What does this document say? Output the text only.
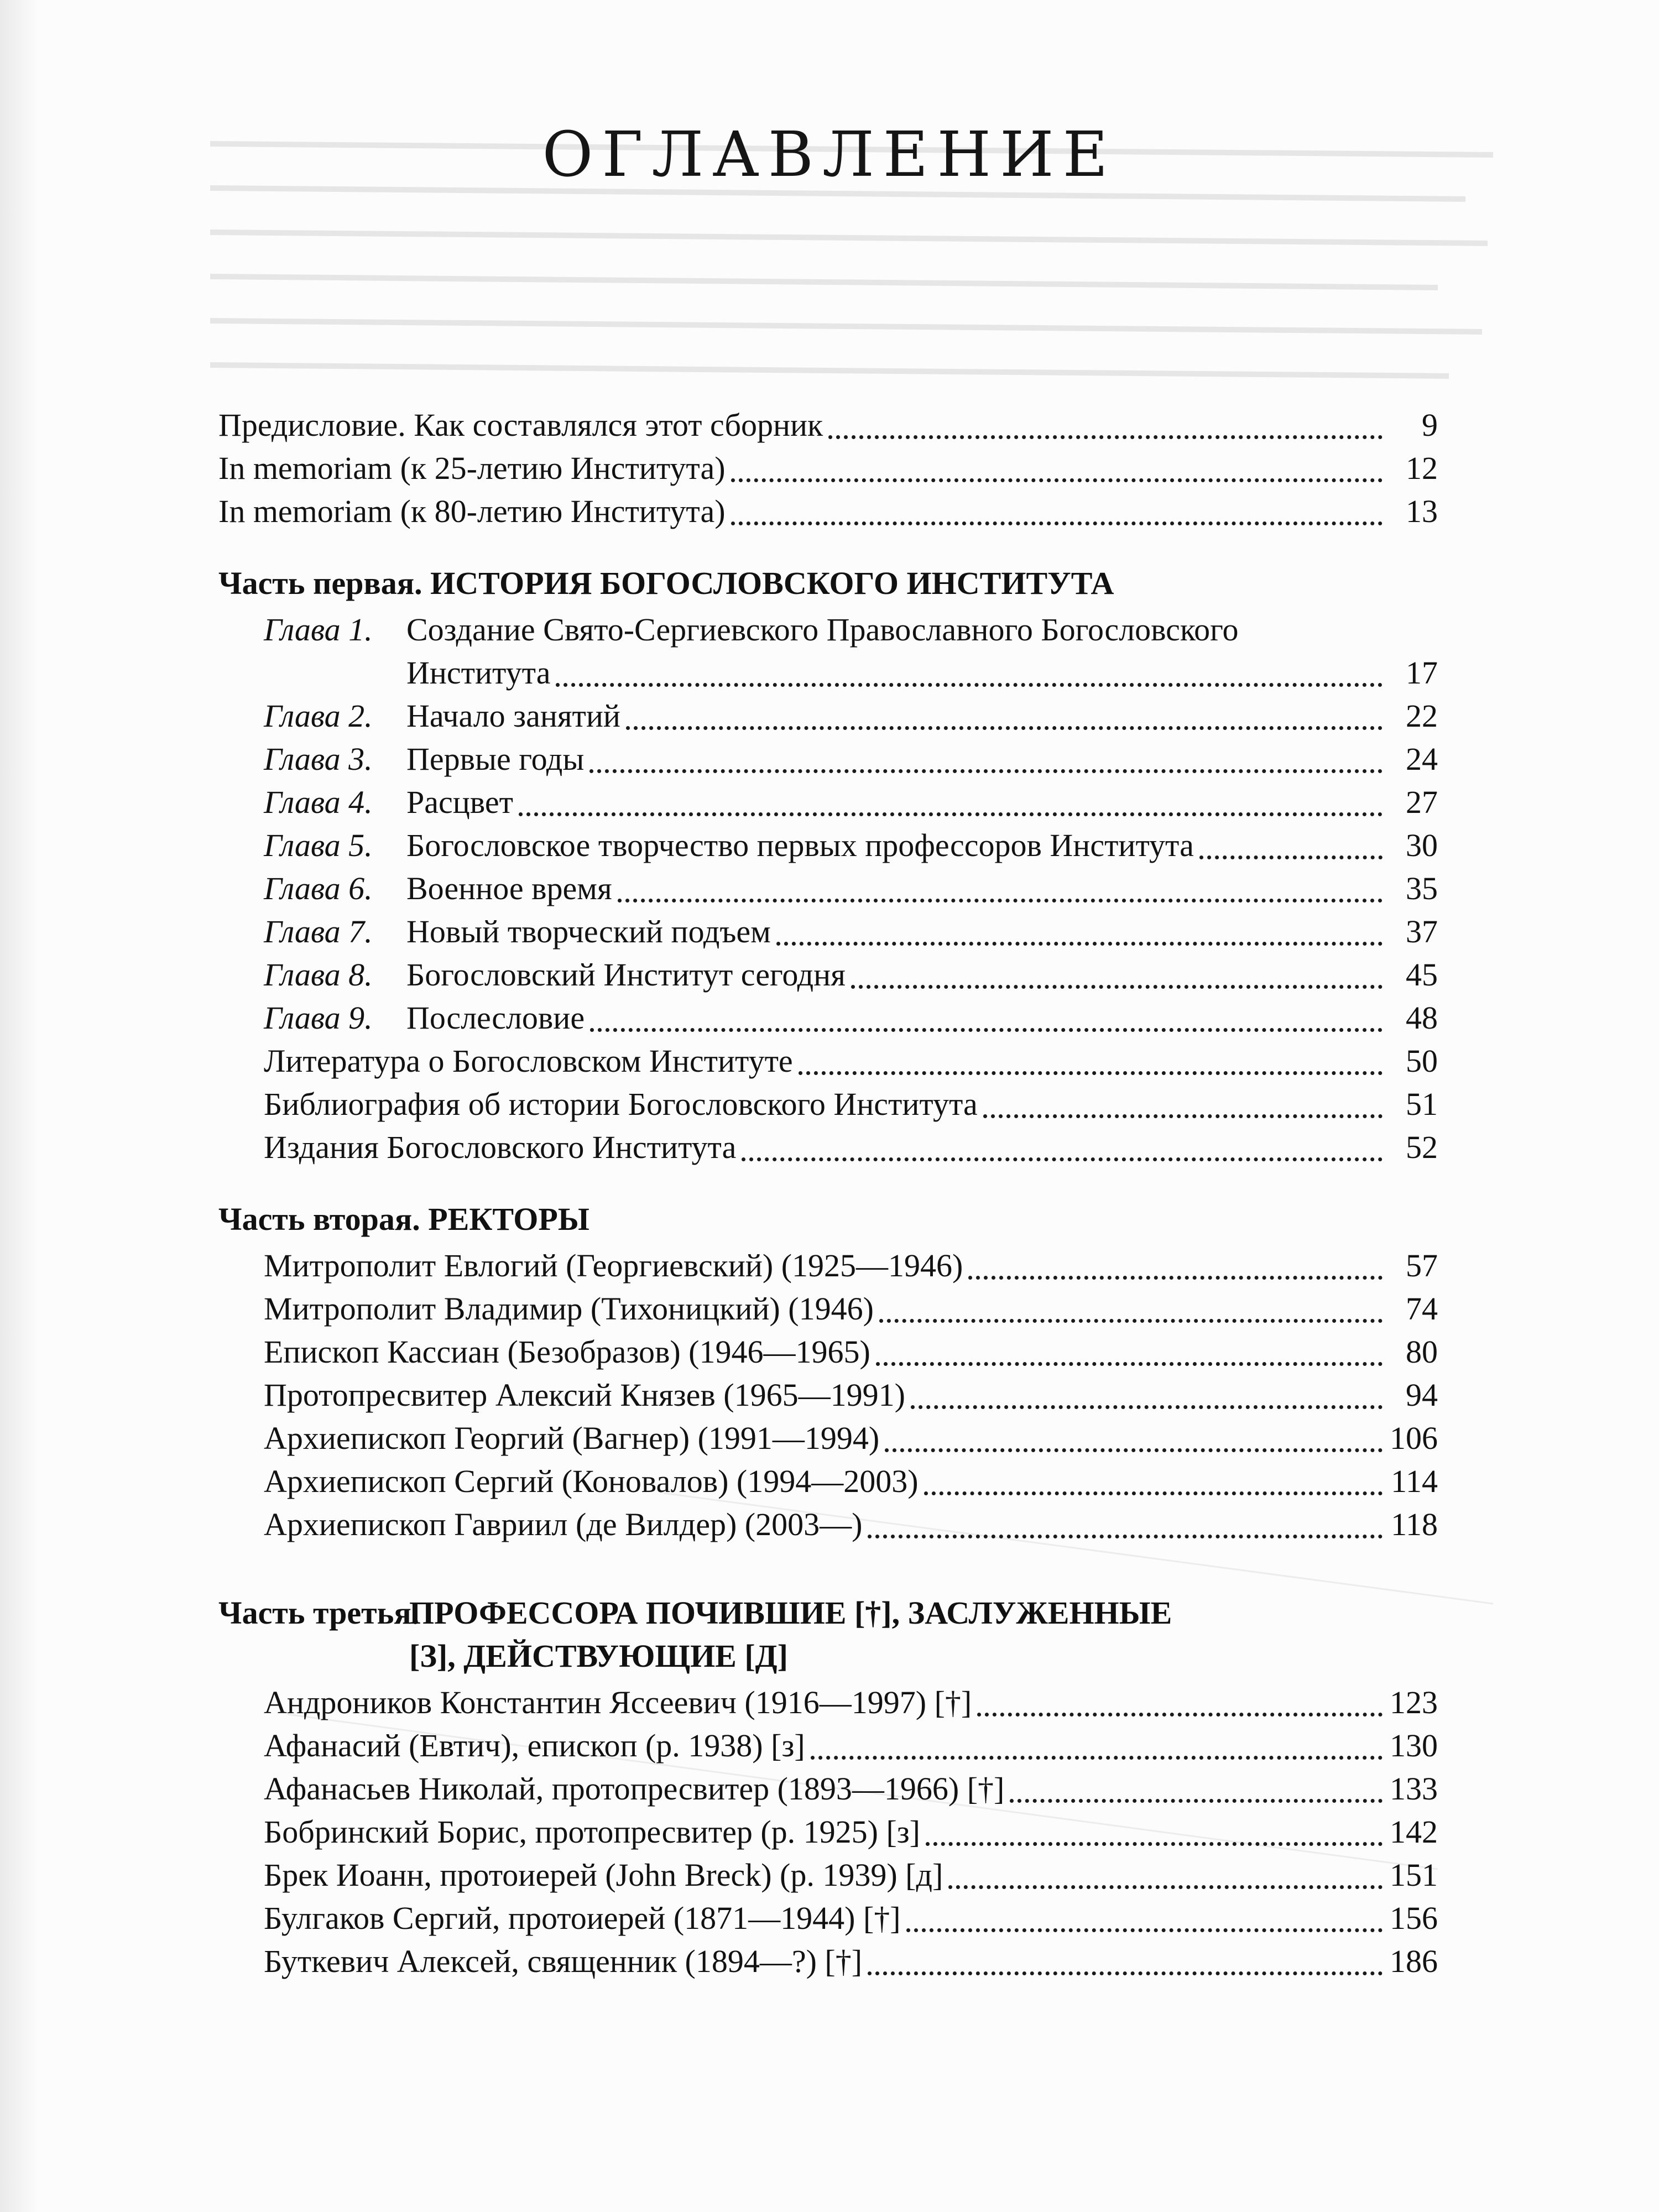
ОГЛАВЛЕНИЕ
Предисловие. Как составлялся этот сборник	9
In memoriam (к 25-летию Института)	12
In memoriam (к 80-летию Института)	13
Часть первая. ИСТОРИЯ БОГОСЛОВСКОГО ИНСТИТУТА
Глава 1.	Создание Свято-Сергиевского Православного Богословского
Института	17
Глава 2.	Начало занятий	22
Глава 3.	Первые годы	24
Глава 4.	Расцвет	27
Глава 5.	Богословское творчество первых профессоров Института	30
Глава 6.	Военное время	35
Глава 7.	Новый творческий подъем	37
Глава 8.	Богословский Институт сегодня	45
Глава 9.	Послесловие	48
Литература о Богословском Институте	50
Библиография об истории Богословского Института	51
Издания Богословского Института	52
Часть вторая. РЕКТОРЫ
Митрополит Евлогий (Георгиевский) (1925—1946)	57
Митрополит Владимир (Тихоницкий) (1946)	74
Епископ Кассиан (Безобразов) (1946—1965)	80
Протопресвитер Алексий Князев (1965—1991)	94
Архиепископ Георгий (Вагнер) (1991—1994)	106
Архиепископ Сергий (Коновалов) (1994—2003)	114
Архиепископ Гавриил (де Вилдер) (2003—)	118
Часть третья.
ПРОФЕССОРА ПОЧИВШИЕ [†], ЗАСЛУЖЕННЫЕ
[З], ДЕЙСТВУЮЩИЕ [Д]
Андроников Константин Яссеевич (1916—1997) [†]	123
Афанасий (Евтич), епископ (р. 1938) [з]	130
Афанасьев Николай, протопресвитер (1893—1966) [†]	133
Бобринский Борис, протопресвитер (р. 1925) [з]	142
Брек Иоанн, протоиерей (John Breck) (р. 1939) [д]	151
Булгаков Сергий, протоиерей (1871—1944) [†]	156
Буткевич Алексей, священник (1894—?) [†]	186
